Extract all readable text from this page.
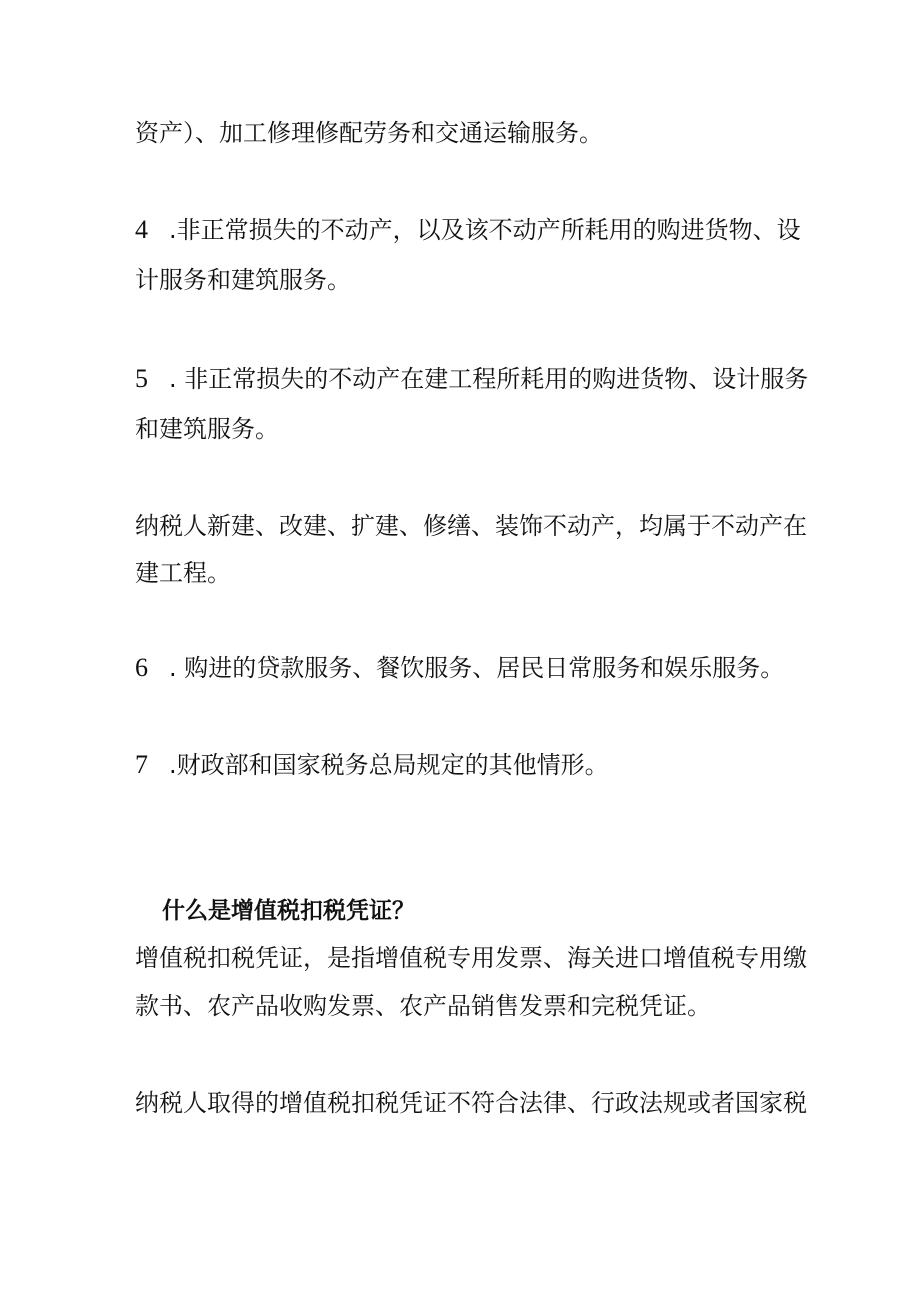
资产）、加工修理修配劳务和交通运输服务。
4 .非正常损失的不动产，以及该不动产所耗用的购进货物、设
计服务和建筑服务。
5 . 非正常损失的不动产在建工程所耗用的购进货物、设计服务
和建筑服务。
纳税人新建、改建、扩建、修缮、装饰不动产，均属于不动产在
建工程。
6 . 购进的贷款服务、餐饮服务、居民日常服务和娱乐服务。
7 .财政部和国家税务总局规定的其他情形。
什么是增值税扣税凭证？
增值税扣税凭证，是指增值税专用发票、海关进口增值税专用缴
款书、农产品收购发票、农产品销售发票和完税凭证。
纳税人取得的增值税扣税凭证不符合法律、行政法规或者国家税
